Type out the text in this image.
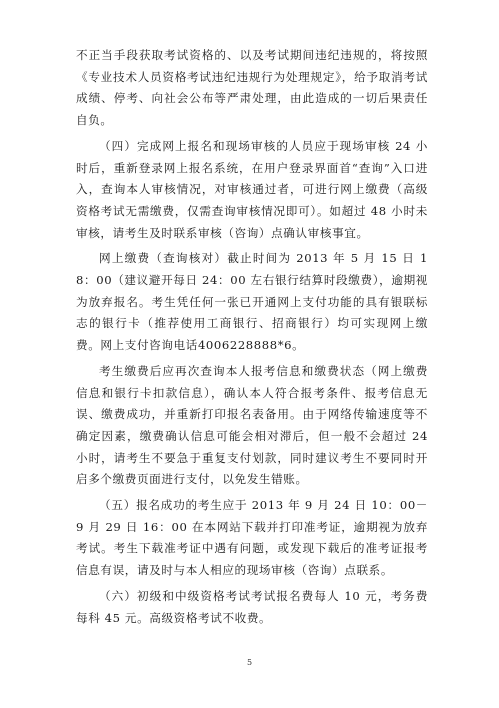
不正当手段获取考试资格的、以及考试期间违纪违规的，将按照《专业技术人员资格考试违纪违规行为处理规定》，给予取消考试成绩、停考、向社会公布等严肃处理，由此造成的一切后果责任自负。

（四）完成网上报名和现场审核的人员应于现场审核 24 小时后，重新登录网上报名系统，在用户登录界面首“查询”入口进入，查询本人审核情况，对审核通过者，可进行网上缴费（高级资格考试无需缴费，仅需查询审核情况即可）。如超过 48 小时未审核，请考生及时联系审核（咨询）点确认审核事宜。

网上缴费（查询核对）截止时间为 2013 年 5 月 15 日 18：00（建议避开每日 24：00 左右银行结算时段缴费），逾期视为放弃报名。考生凭任何一张已开通网上支付功能的具有银联标志的银行卡（推荐使用工商银行、招商银行）均可实现网上缴费。网上支付咨询电话4006228888*6。

考生缴费后应再次查询本人报考信息和缴费状态（网上缴费信息和银行卡扣款信息），确认本人符合报考条件、报考信息无误、缴费成功，并重新打印报名表备用。由于网络传输速度等不确定因素，缴费确认信息可能会相对滞后，但一般不会超过 24 小时，请考生不要急于重复支付划款，同时建议考生不要同时开启多个缴费页面进行支付，以免发生错账。

（五）报名成功的考生应于 2013 年 9 月 24 日 10：00－9 月 29 日 16：00 在本网站下载并打印准考证，逾期视为放弃考试。考生下载准考证中遇有问题，或发现下载后的准考证报考信息有误，请及时与本人相应的现场审核（咨询）点联系。

（六）初级和中级资格考试考试报名费每人 10 元，考务费每科 45 元。高级资格考试不收费。

5
